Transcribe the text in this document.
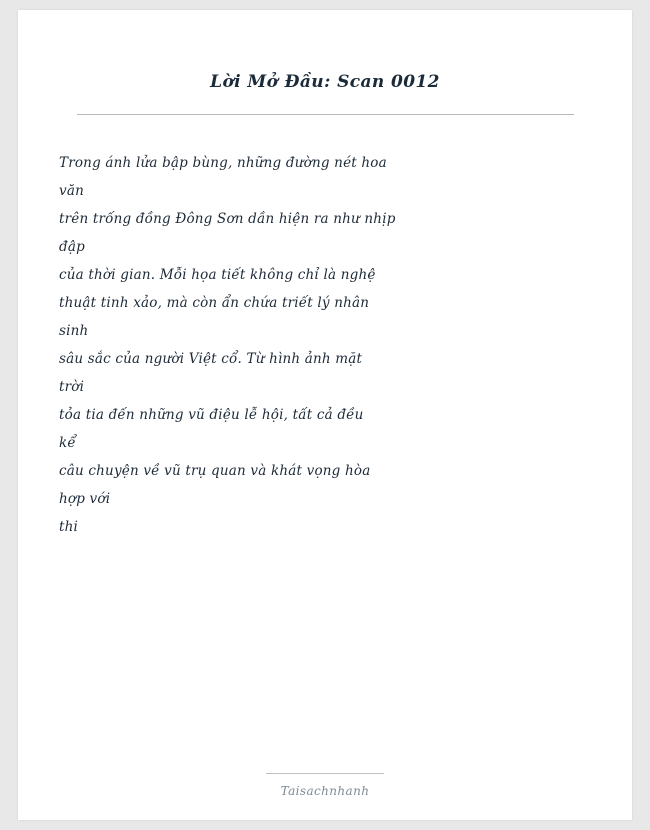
Lời Mở Đầu: Scan 0012
Trong ánh lửa bập bùng, những đường nét hoa
văn
trên trống đồng Đông Sơn dần hiện ra như nhịp
đập
của thời gian. Mỗi họa tiết không chỉ là nghệ
thuật tinh xảo, mà còn ẩn chứa triết lý nhân
sinh
sâu sắc của người Việt cổ. Từ hình ảnh mặt
trời
tỏa tia đến những vũ điệu lễ hội, tất cả đều
kể
câu chuyện về vũ trụ quan và khát vọng hòa
hợp với
thi
Taisachnhanh
